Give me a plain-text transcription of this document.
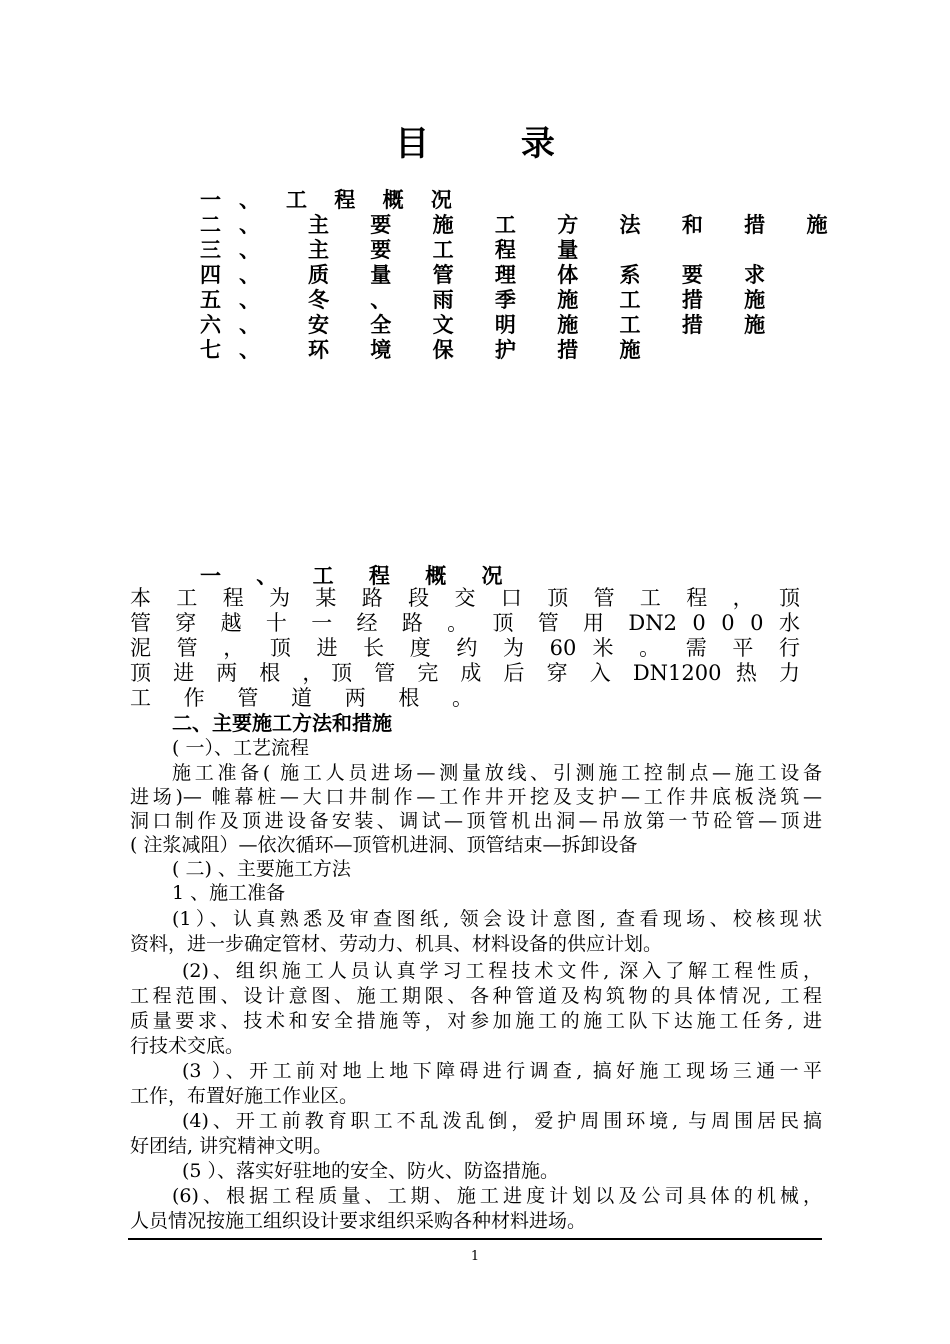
目 录
一、 工 程 概 况
二、 主 要 施 工 方 法 和 措 施
三、 主 要 工 程 量
四、 质 量 管 理 体 系 要 求
五、 冬 、 雨 季 施 工 措 施
六、 安 全 文 明 施 工 措 施
七、 环 境 保 护 措 施
一 、 工 程 概 况
本 工 程 为 某 路 段 交 口 顶 管 工 程 ， 顶
管 穿 越 十 一 经 路 。 顶 管 用 DN2 0 0 0 水
泥 管 ， 顶 进 长 度 约 为 60 米 。 需 平 行
顶 进 两 根 ，顶 管 完 成 后 穿 入 DN1200 热 力
工 作 管 道 两 根 。
二、主要施工方法和措施
( 一）、工艺流程
施工准备( 施工人员进场—测量放线、引测施工控制点—施工设备
进场)— 帷幕桩—大口井制作—工作井开挖及支护—工作井底板浇筑—
洞口制作及顶进设备安装、调试—顶管机出洞—吊放第一节砼管—顶进
( 注浆减阻）—依次循环—顶管机进洞、顶管结束—拆卸设备
( 二) 、主要施工方法
1 、施工准备
(1）、认真熟悉及审查图纸, 领会设计意图, 查看现场、校核现状
资料，进一步确定管材、劳动力、机具、材料设备的供应计划。
(2)、组织施工人员认真学习工程技术文件, 深入了解工程性质，
工程范围、设计意图、施工期限、各种管道及构筑物的具体情况, 工程
质量要求、技术和安全措施等，对参加施工的施工队下达施工任务, 进
行技术交底。
(3 ）、开工前对地上地下障碍进行调查, 搞好施工现场三通一平
工作，布置好施工作业区。
(4)、开工前教育职工不乱泼乱倒，爱护周围环境, 与周围居民搞
好团结, 讲究精神文明。
(5 ）、落实好驻地的安全、防火、防盗措施。
(6)、根据工程质量、工期、施工进度计划以及公司具体的机械，
人员情况按施工组织设计要求组织采购各种材料进场。
1
